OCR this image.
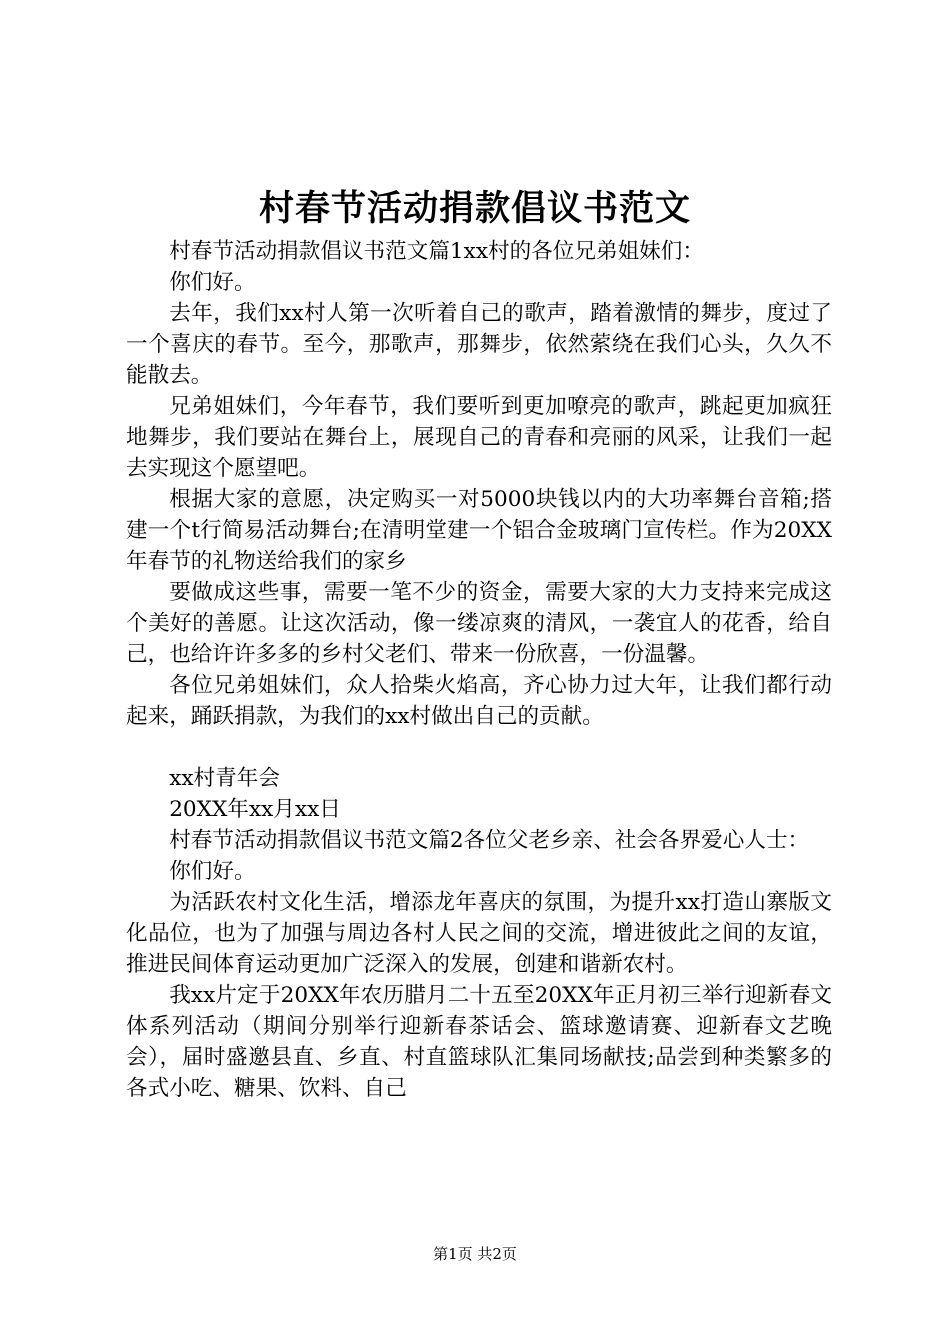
村春节活动捐款倡议书范文

村春节活动捐款倡议书范文篇1xx村的各位兄弟姐妹们：

你们好。

去年，我们xx村人第一次听着自己的歌声，踏着激情的舞步，度过了一个喜庆的春节。至今，那歌声，那舞步，依然萦绕在我们心头，久久不能散去。

兄弟姐妹们，今年春节，我们要听到更加嘹亮的歌声，跳起更加疯狂地舞步，我们要站在舞台上，展现自己的青春和亮丽的风采，让我们一起去实现这个愿望吧。

根据大家的意愿，决定购买一对5000块钱以内的大功率舞台音箱;搭建一个t行简易活动舞台;在清明堂建一个铝合金玻璃门宣传栏。作为20XX年春节的礼物送给我们的家乡

要做成这些事，需要一笔不少的资金，需要大家的大力支持来完成这个美好的善愿。让这次活动，像一缕凉爽的清风，一袭宜人的花香，给自己，也给许许多多的乡村父老们、带来一份欣喜，一份温馨。

各位兄弟姐妹们，众人拾柴火焰高，齐心协力过大年，让我们都行动起来，踊跃捐款，为我们的xx村做出自己的贡献。

xx村青年会

20XX年xx月xx日

村春节活动捐款倡议书范文篇2各位父老乡亲、社会各界爱心人士：

你们好。

为活跃农村文化生活，增添龙年喜庆的氛围，为提升xx打造山寨版文化品位，也为了加强与周边各村人民之间的交流，增进彼此之间的友谊，推进民间体育运动更加广泛深入的发展，创建和谐新农村。

我xx片定于20XX年农历腊月二十五至20XX年正月初三举行迎新春文体系列活动（期间分别举行迎新春茶话会、篮球邀请赛、迎新春文艺晚会），届时盛邀县直、乡直、村直篮球队汇集同场献技;品尝到种类繁多的各式小吃、糖果、饮料、自己

第1页 共2页
